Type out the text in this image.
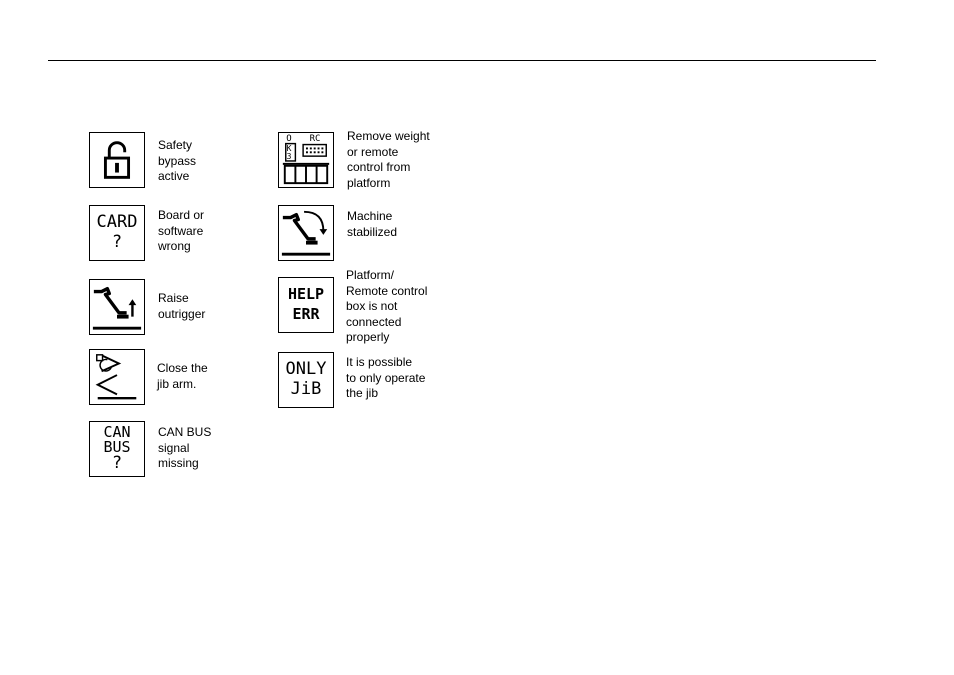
Safety
bypass
active
CARD
?
Board or
software
wrong
Raise
outrigger
Close the
jib arm.
CAN
BUS
?
CAN BUS
signal
missing
O	RC
K
3
Remove weight
or remote
control from
platform
Machine
stabilized
HELP
ERR
Platform/
Remote control
box is not
connected
properly
ONLY
JiB
It is possible
to only operate
the jib
